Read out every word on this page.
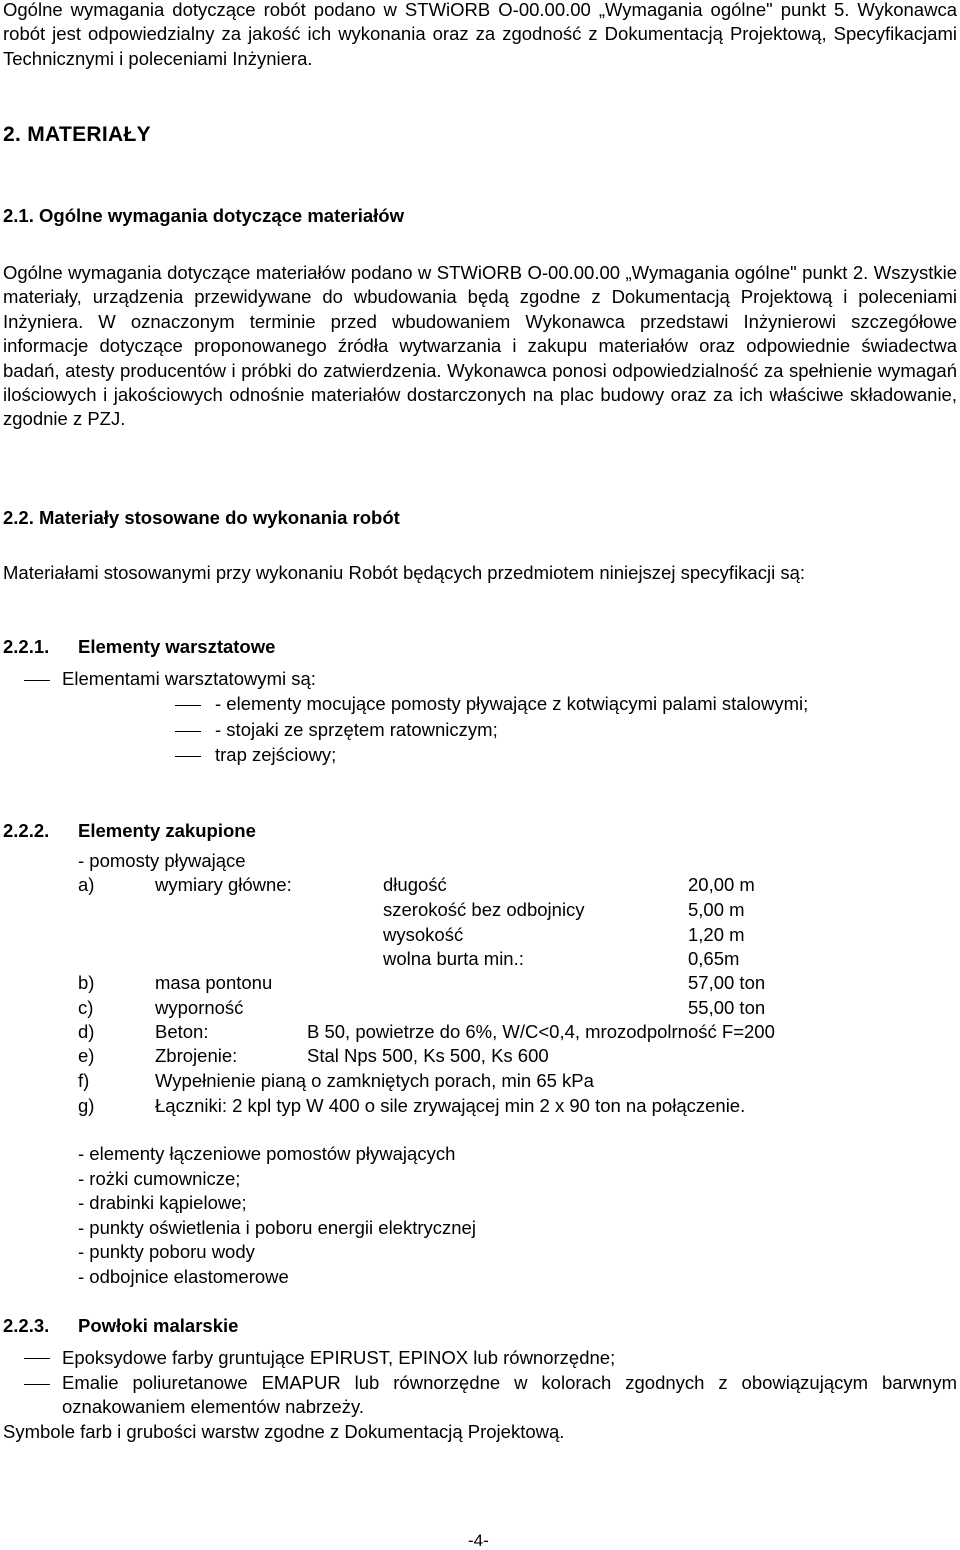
Ogólne wymagania dotyczące robót podano w STWiORB O-00.00.00 „Wymagania ogólne" punkt 5. Wykonawca robót jest odpowiedzialny za jakość ich wykonania oraz za zgodność z Dokumentacją Projektową, Specyfikacjami Technicznymi i poleceniami Inżyniera.
2. MATERIAŁY
2.1. Ogólne wymagania dotyczące materiałów
Ogólne wymagania dotyczące materiałów podano w STWiORB O-00.00.00 „Wymagania ogólne" punkt 2. Wszystkie materiały, urządzenia przewidywane do wbudowania będą zgodne z Dokumentacją Projektową i poleceniami Inżyniera. W oznaczonym terminie przed wbudowaniem Wykonawca przedstawi Inżynierowi szczegółowe informacje dotyczące proponowanego źródła wytwarzania i zakupu materiałów oraz odpowiednie świadectwa badań, atesty producentów i próbki do zatwierdzenia. Wykonawca ponosi odpowiedzialność za spełnienie wymagań ilościowych i jakościowych odnośnie materiałów dostarczonych na plac budowy oraz za ich właściwe składowanie, zgodnie z PZJ.
2.2. Materiały stosowane do wykonania robót
Materiałami stosowanymi przy wykonaniu Robót będących przedmiotem niniejszej specyfikacji są:
2.2.1. Elementy warsztatowe
Elementami warsztatowymi są:
- elementy mocujące pomosty pływające z kotwiącymi palami stalowymi;
- stojaki ze sprzętem ratowniczym;
trap zejściowy;
2.2.2. Elementy zakupione
- pomosty pływające
a)	wymiary główne:	długość	20,00 m
szerokość bez odbojnicy	5,00 m
wysokość	1,20 m
wolna burta min.:	0,65m
b)	masa pontonu	57,00 ton
c)	wyporność	55,00 ton
d)	Beton:	B 50, powietrze do 6%, W/C<0,4, mrozodpolrność F=200
e)	Zbrojenie:	Stal Nps 500, Ks 500, Ks 600
f)	Wypełnienie pianą o zamkniętych porach, min 65 kPa
g)	Łączniki: 2 kpl typ W 400 o sile zrywającej min 2 x 90 ton na połączenie.
- elementy łączeniowe pomostów pływających
- rożki cumownicze;
- drabinki kąpielowe;
- punkty oświetlenia i poboru energii elektrycznej
- punkty poboru wody
- odbojnice elastomerowe
2.2.3. Powłoki malarskie
Epoksydowe farby gruntujące EPIRUST, EPINOX lub równorzędne;
Emalie poliuretanowe EMAPUR lub równorzędne w kolorach zgodnych z obowiązującym barwnym oznakowaniem elementów nabrzeży.
Symbole farb i grubości warstw zgodne z Dokumentacją Projektową.
-4-
